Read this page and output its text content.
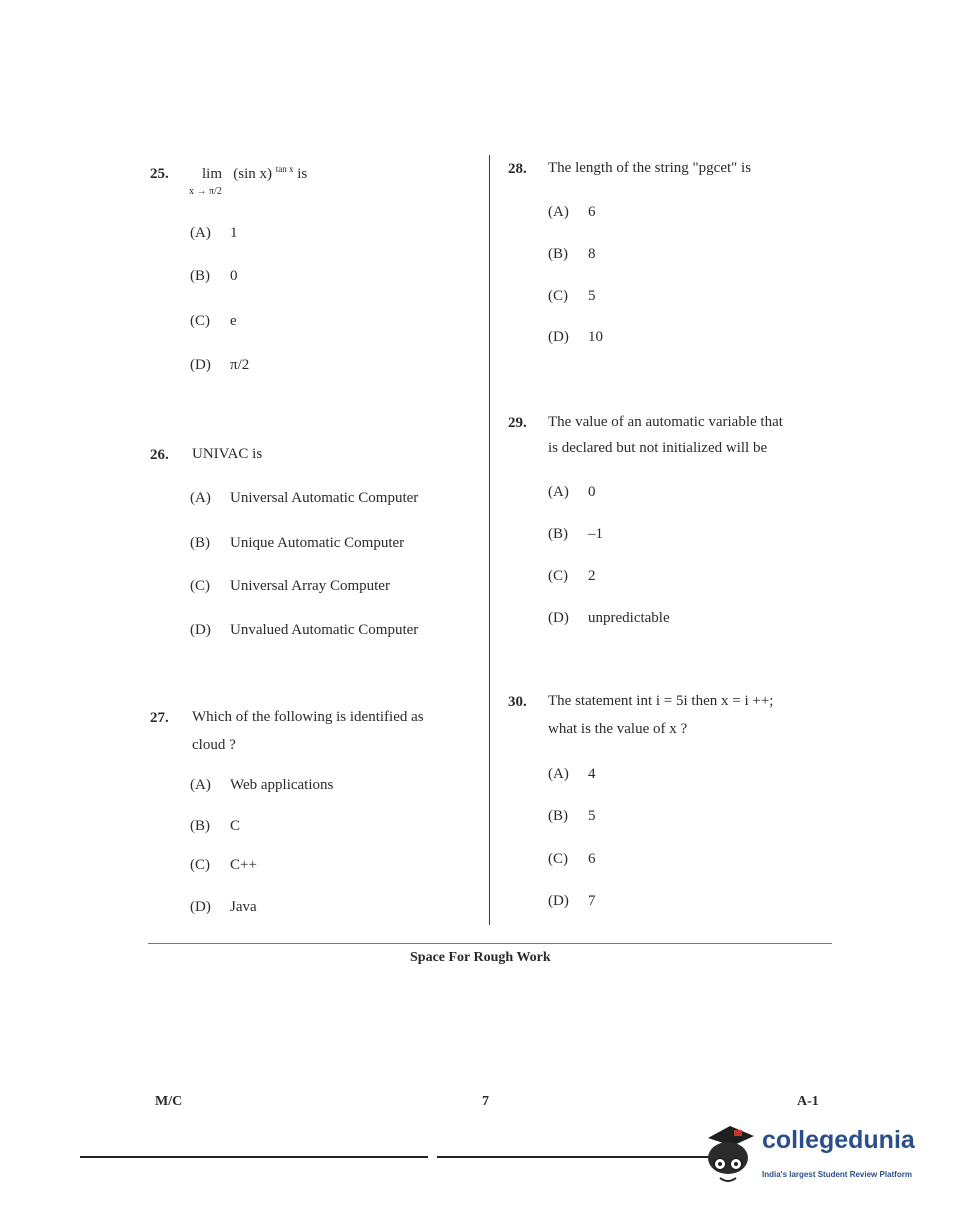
25. lim (sin x) $^{tan x}$ is
x → π/2
(A) 1
(B) 0
(C) e
(D) π/2
26. UNIVAC is
(A) Universal Automatic Computer
(B) Unique Automatic Computer
(C) Universal Array Computer
(D) Unvalued Automatic Computer
27. Which of the following is identified as
cloud ?
(A) Web applications
(B) C
(C) C++
(D) Java
28. The length of the string "pgcet" is
(A) 6
(B) 8
(C) 5
(D) 10
29. The value of an automatic variable that
is declared but not initialized will be
(A) 0
(B) –1
(C) 2
(D) unpredictable
30. The statement int i = 5i then x = i ++;
what is the value of x ?
(A) 4
(B) 5
(C) 6
(D) 7
Space For Rough Work
M/C	7	A-1
collegedunia
India's largest Student Review Platform
